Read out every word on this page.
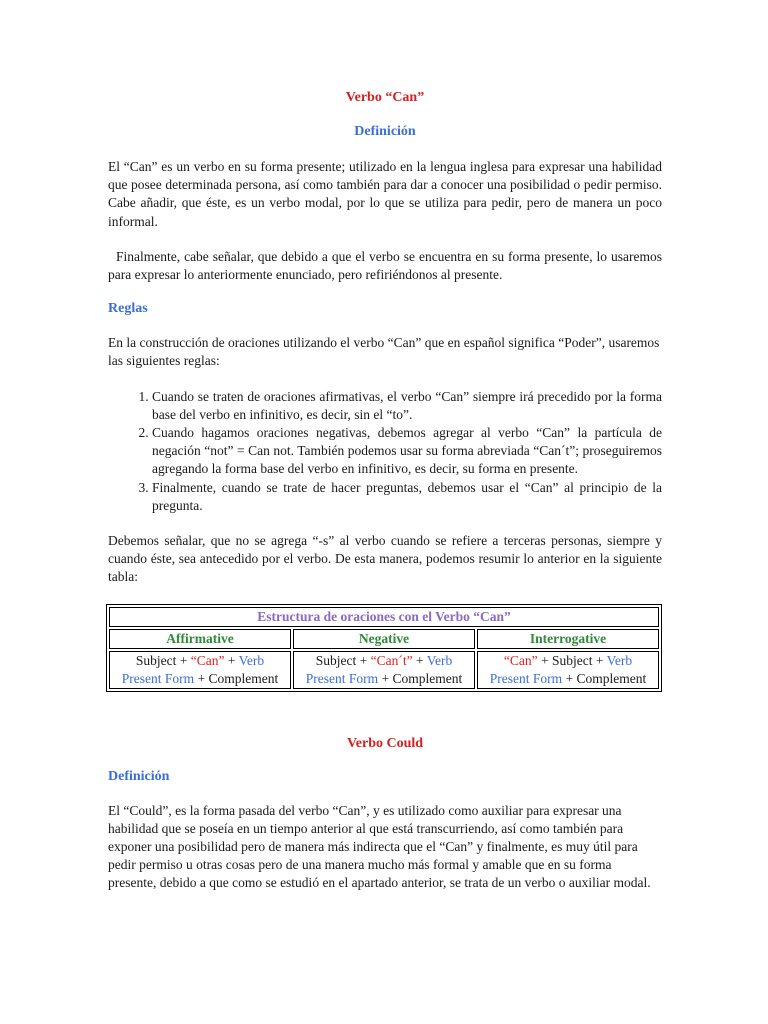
Verbo “Can”
Definición

El “Can” es un verbo en su forma presente; utilizado en la lengua inglesa para expresar una habilidad que posee determinada persona, así como también para dar a conocer una posibilidad o pedir permiso. Cabe añadir, que éste, es un verbo modal, por lo que se utiliza para pedir, pero de manera un poco informal.

Finalmente, cabe señalar, que debido a que el verbo se encuentra en su forma presente, lo usaremos para expresar lo anteriormente enunciado, pero refiriéndonos al presente.

Reglas

En la construcción de oraciones utilizando el verbo “Can” que en español significa “Poder”, usaremos las siguientes reglas:

1. Cuando se traten de oraciones afirmativas, el verbo “Can” siempre irá precedido por la forma base del verbo en infinitivo, es decir, sin el “to”.
2. Cuando hagamos oraciones negativas, debemos agregar al verbo “Can” la partícula de negación “not” = Can not. También podemos usar su forma abreviada “Can´t”; proseguiremos agregando la forma base del verbo en infinitivo, es decir, su forma en presente.
3. Finalmente, cuando se trate de hacer preguntas, debemos usar el “Can” al principio de la pregunta.

Debemos señalar, que no se agrega “-s” al verbo cuando se refiere a terceras personas, siempre y cuando éste, sea antecedido por el verbo. De esta manera, podemos resumir lo anterior en la siguiente tabla:

Estructura de oraciones con el Verbo “Can”		
Affirmative	Negative	Interrogative
Subject + “Can” + Verb
Present Form + Complement	Subject + “Can´t” + Verb
Present Form + Complement	“Can” + Subject + Verb
Present Form + Complement
Verbo Could
Definición

El “Could”, es la forma pasada del verbo “Can”, y es utilizado como auxiliar para expresar una habilidad que se poseía en un tiempo anterior al que está transcurriendo, así como también para exponer una posibilidad pero de manera más indirecta que el “Can” y finalmente, es muy útil para pedir permiso u otras cosas pero de una manera mucho más formal y amable que en su forma presente, debido a que como se estudió en el apartado anterior, se trata de un verbo o auxiliar modal.
